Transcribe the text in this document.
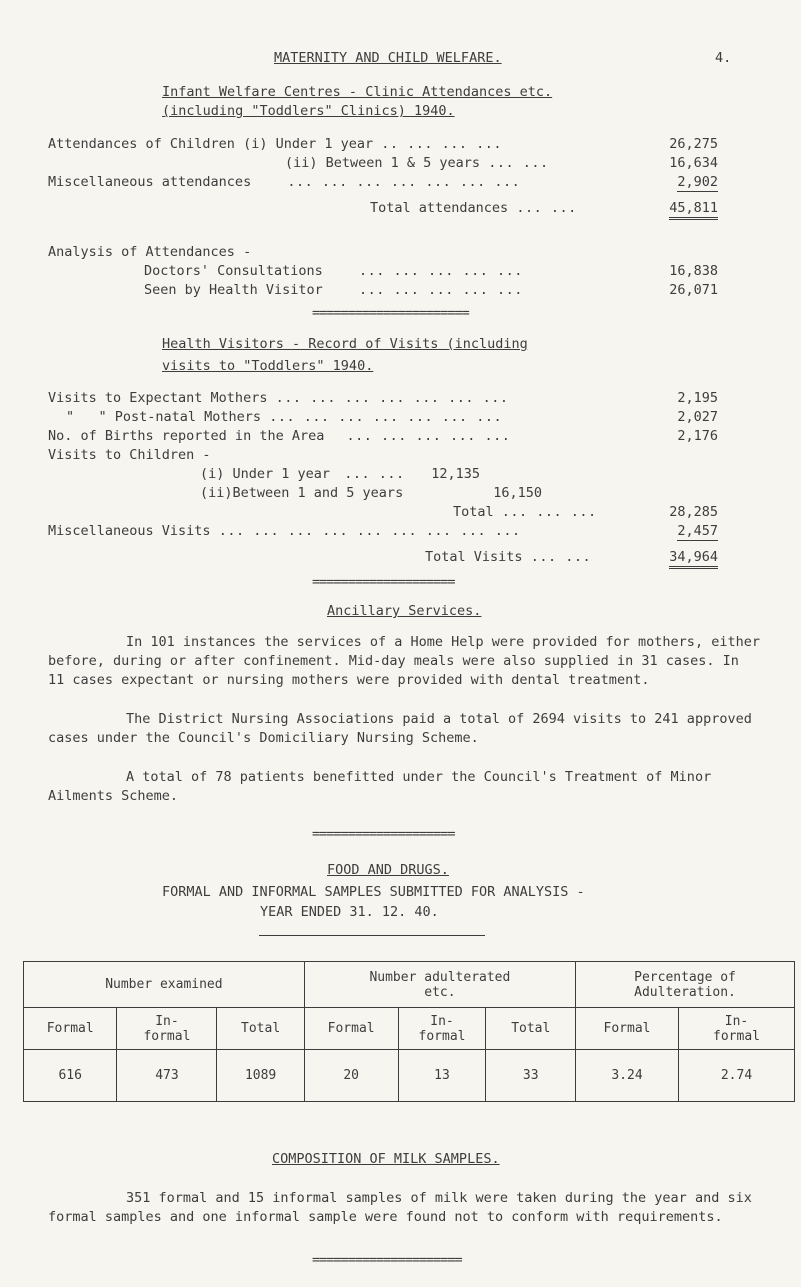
MATERNITY AND CHILD WELFARE.	4.
Infant Welfare Centres - Clinic Attendances etc.
(including "Toddlers" Clinics) 1940.
Attendances of Children (i) Under 1 year .. ... ... ...	26,275
(ii) Between 1 & 5 years ... ...	16,634
Miscellaneous attendances	... ... ... ... ... ... ...	2,902
Total attendances ... ...	45,811
Analysis of Attendances -
Doctors' Consultations	... ... ... ... ...	16,838
Seen by Health Visitor	... ... ... ... ...	26,071
======================
Health Visitors - Record of Visits (including
visits to "Toddlers" 1940.
Visits to Expectant Mothers ... ... ... ... ... ... ...	2,195
"   " Post-natal Mothers ... ... ... ... ... ... ...	2,027
No. of Births reported in the Area ... ... ... ... ...	2,176
Visits to Children -
(i) Under 1 year ... ... 12,135
(ii)Between 1 and 5 years	16,150
Total ... ... ...	28,285
Miscellaneous Visits ... ... ... ... ... ... ... ... ...	2,457
Total Visits ... ...	34,964
====================
Ancillary Services.

In 101 instances the services of a Home Help were provided for mothers, either before, during or after confinement. Mid-day meals were also supplied in 31 cases. In 11 cases expectant or nursing mothers were provided with dental treatment.

The District Nursing Associations paid a total of 2694 visits to 241 approved cases under the Council's Domiciliary Nursing Scheme.

A total of 78 patients benefitted under the Council's Treatment of Minor Ailments Scheme.

====================
FOOD AND DRUGS.
FORMAL AND INFORMAL SAMPLES SUBMITTED FOR ANALYSIS -
YEAR ENDED 31. 12. 40.
Number examined			Number adulterated etc.			Percentage of Adulteration.	
Formal	In- formal	Total	Formal	In- formal	Total	Formal	In- formal
616	473	1089	20	13	33	3.24	2.74
COMPOSITION OF MILK SAMPLES.

351 formal and 15 informal samples of milk were taken during the year and six formal samples and one informal sample were found not to conform with requirements.

=====================
